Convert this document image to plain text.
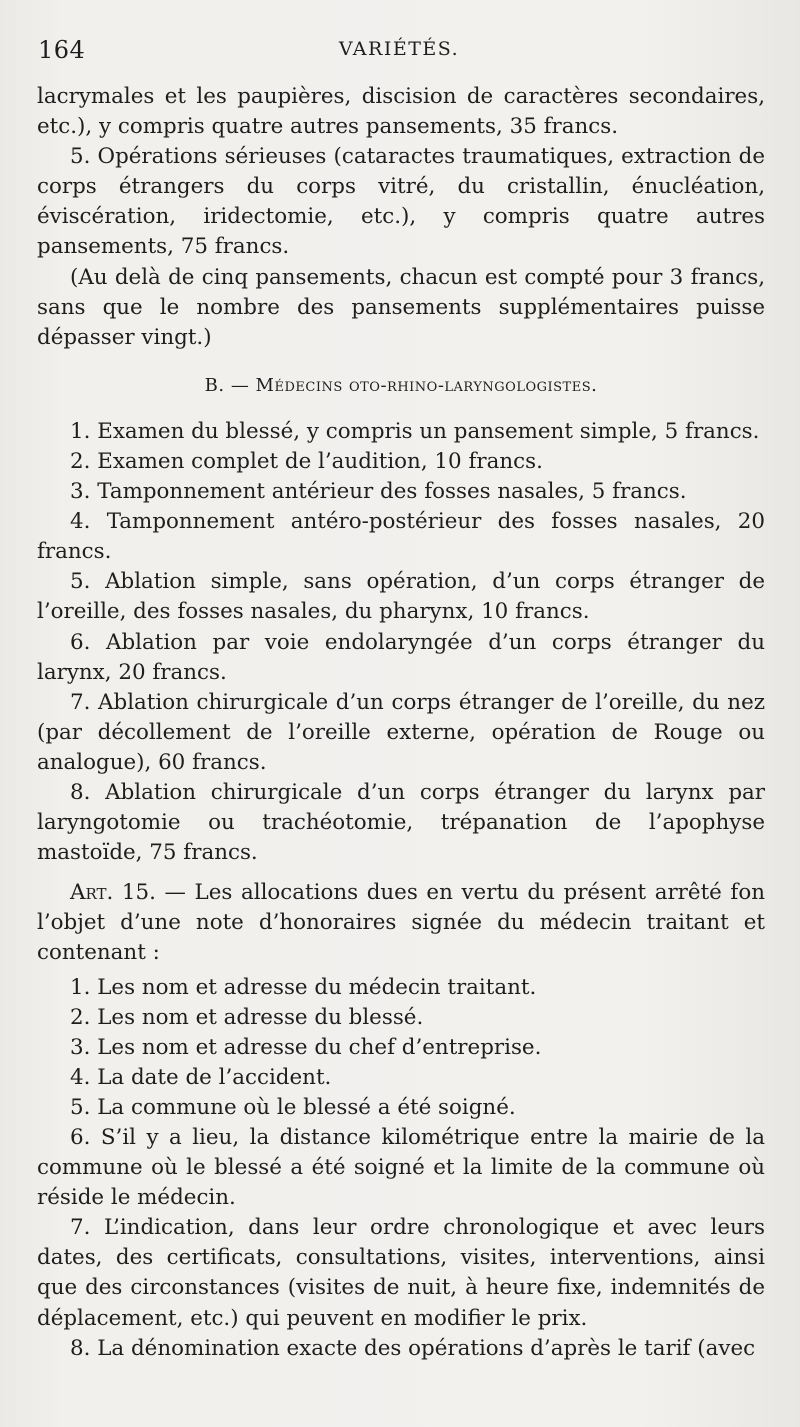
164	VARIÉTÉS.

lacrymales et les paupières, discision de caractères secondaires, etc.), y compris quatre autres pansements, 35 francs.

5. Opérations sérieuses (cataractes traumatiques, extraction de corps étrangers du corps vitré, du cristallin, énucléation, éviscération, iridectomie, etc.), y compris quatre autres pansements, 75 francs.

(Au delà de cinq pansements, chacun est compté pour 3 francs, sans que le nombre des pansements supplémentaires puisse dépasser vingt.)

B. — Médecins oto-rhino-laryngologistes.

1. Examen du blessé, y compris un pansement simple, 5 francs.

2. Examen complet de l’audition, 10 francs.

3. Tamponnement antérieur des fosses nasales, 5 francs.

4. Tamponnement antéro-postérieur des fosses nasales, 20 francs.

5. Ablation simple, sans opération, d’un corps étranger de l’oreille, des fosses nasales, du pharynx, 10 francs.

6. Ablation par voie endolaryngée d’un corps étranger du larynx, 20 francs.

7. Ablation chirurgicale d’un corps étranger de l’oreille, du nez (par décollement de l’oreille externe, opération de Rouge ou analogue), 60 francs.

8. Ablation chirurgicale d’un corps étranger du larynx par laryngotomie ou trachéotomie, trépanation de l’apophyse mastoïde, 75 francs.

Art. 15. — Les allocations dues en vertu du présent arrêté fon l’objet d’une note d’honoraires signée du médecin traitant et contenant :

1. Les nom et adresse du médecin traitant.

2. Les nom et adresse du blessé.

3. Les nom et adresse du chef d’entreprise.

4. La date de l’accident.

5. La commune où le blessé a été soigné.

6. S’il y a lieu, la distance kilométrique entre la mairie de la commune où le blessé a été soigné et la limite de la commune où réside le médecin.

7. L’indication, dans leur ordre chronologique et avec leurs dates, des certificats, consultations, visites, interventions, ainsi que des circonstances (visites de nuit, à heure fixe, indemnités de déplacement, etc.) qui peuvent en modifier le prix.

8. La dénomination exacte des opérations d’après le tarif (avec
